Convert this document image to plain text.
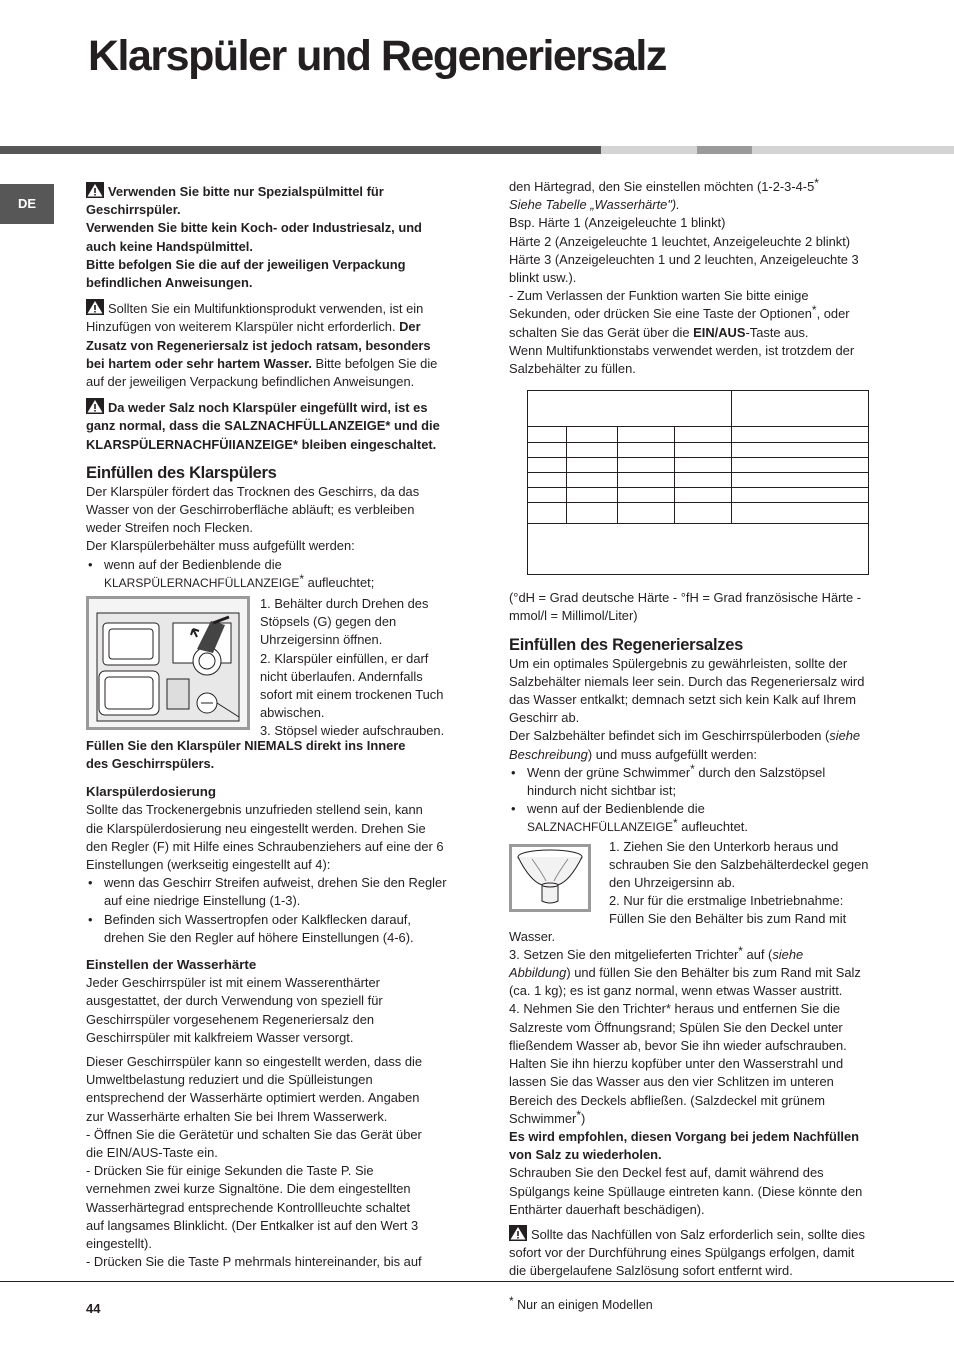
Klarspüler und Regeneriersalz
DE

Verwenden Sie bitte nur Spezialspülmittel für

Geschirrspüler.

Verwenden Sie bitte kein Koch- oder Industriesalz, und

auch keine Handspülmittel.

Bitte befolgen Sie die auf der jeweiligen Verpackung

befindlichen Anweisungen.

Sollten Sie ein Multifunktionsprodukt verwenden, ist ein

Hinzufügen von weiterem Klarspüler nicht erforderlich. Der

Zusatz von Regeneriersalz ist jedoch ratsam, besonders

bei hartem oder sehr hartem Wasser. Bitte befolgen Sie die

auf der jeweiligen Verpackung befindlichen Anweisungen.

Da weder Salz noch Klarspüler eingefüllt wird, ist es

ganz normal, dass die SALZNACHFÜLLANZEIGE* und die

KLARSPÜLERNACHFÜIIANZEIGE* bleiben eingeschaltet.

Einfüllen des Klarspülers

Der Klarspüler fördert das Trocknen des Geschirrs, da das

Wasser von der Geschirroberfläche abläuft; es verbleiben

weder Streifen noch Flecken.

Der Klarspülerbehälter muss aufgefüllt werden:

• wenn auf der Bedienblende die
KLARSPÜLERNACHFÜLLANZEIGE* aufleuchtet;

1. Behälter durch Drehen des

Stöpsels (G) gegen den

Uhrzeigersinn öffnen.

2. Klarspüler einfüllen, er darf

nicht überlaufen. Andernfalls

sofort mit einem trockenen Tuch

abwischen.

3. Stöpsel wieder aufschrauben.

Füllen Sie den Klarspüler NIEMALS direkt ins Innere

des Geschirrspülers.

Klarspülerdosierung

Sollte das Trockenergebnis unzufrieden stellend sein, kann

die Klarspülerdosierung neu eingestellt werden. Drehen Sie

den Regler (F) mit Hilfe eines Schraubenziehers auf eine der 6

Einstellungen (werkseitig eingestellt auf 4):

• wenn das Geschirr Streifen aufweist, drehen Sie den Regler
auf eine niedrige Einstellung (1-3).
• Befinden sich Wassertropfen oder Kalkflecken darauf,
drehen Sie den Regler auf höhere Einstellungen (4-6).
Einstellen der Wasserhärte

Jeder Geschirrspüler ist mit einem Wasserenthärter

ausgestattet, der durch Verwendung von speziell für

Geschirrspüler vorgesehenem Regeneriersalz den

Geschirrspüler mit kalkfreiem Wasser versorgt.

Dieser Geschirrspüler kann so eingestellt werden, dass die

Umweltbelastung reduziert und die Spülleistungen

entsprechend der Wasserhärte optimiert werden. Angaben

zur Wasserhärte erhalten Sie bei Ihrem Wasserwerk.

- Öffnen Sie die Gerätetür und schalten Sie das Gerät über

die EIN/AUS-Taste ein.

- Drücken Sie für einige Sekunden die Taste P. Sie

vernehmen zwei kurze Signaltöne. Die dem eingestellten

Wasserhärtegrad entsprechende Kontrollleuchte schaltet

auf langsames Blinklicht. (Der Entkalker ist auf den Wert 3

eingestellt).

- Drücken Sie die Taste P mehrmals hintereinander, bis auf

den Härtegrad, den Sie einstellen möchten (1-2-3-4-5*

Siehe Tabelle „Wasserhärte").

Bsp. Härte 1 (Anzeigeleuchte 1 blinkt)

Härte 2 (Anzeigeleuchte 1 leuchtet, Anzeigeleuchte 2 blinkt)

Härte 3 (Anzeigeleuchten 1 und 2 leuchten, Anzeigeleuchte 3

blinkt usw.).

- Zum Verlassen der Funktion warten Sie bitte einige

Sekunden, oder drücken Sie eine Taste der Optionen*, oder

schalten Sie das Gerät über die EIN/AUS-Taste aus.

Wenn Multifunktionstabs verwendet werden, ist trotzdem der

Salzbehälter zu füllen.

(°dH = Grad deutsche Härte - °fH = Grad französische Härte -

mmol/l = Millimol/Liter)

Einfüllen des Regeneriersalzes

Um ein optimales Spülergebnis zu gewährleisten, sollte der

Salzbehälter niemals leer sein. Durch das Regeneriersalz wird

das Wasser entkalkt; demnach setzt sich kein Kalk auf Ihrem

Geschirr ab.

Der Salzbehälter befindet sich im Geschirrspülerboden (siehe

Beschreibung) und muss aufgefüllt werden:

• Wenn der grüne Schwimmer* durch den Salzstöpsel
hindurch nicht sichtbar ist;
• wenn auf der Bedienblende die
SALZNACHFÜLLANZEIGE* aufleuchtet.

1. Ziehen Sie den Unterkorb heraus und

schrauben Sie den Salzbehälterdeckel gegen

den Uhrzeigersinn ab.

2. Nur für die erstmalige Inbetriebnahme:

Füllen Sie den Behälter bis zum Rand mit

Wasser.

3. Setzen Sie den mitgelieferten Trichter* auf (siehe

Abbildung) und füllen Sie den Behälter bis zum Rand mit Salz

(ca. 1 kg); es ist ganz normal, wenn etwas Wasser austritt.

4. Nehmen Sie den Trichter* heraus und entfernen Sie die

Salzreste vom Öffnungsrand; Spülen Sie den Deckel unter

fließendem Wasser ab, bevor Sie ihn wieder aufschrauben.

Halten Sie ihn hierzu kopfüber unter den Wasserstrahl und

lassen Sie das Wasser aus den vier Schlitzen im unteren

Bereich des Deckels abfließen. (Salzdeckel mit grünem

Schwimmer*)

Es wird empfohlen, diesen Vorgang bei jedem Nachfüllen

von Salz zu wiederholen.

Schrauben Sie den Deckel fest auf, damit während des

Spülgangs keine Spüllauge eintreten kann. (Diese könnte den

Enthärter dauerhaft beschädigen).

Sollte das Nachfüllen von Salz erforderlich sein, sollte dies

sofort vor der Durchführung eines Spülgangs erfolgen, damit

die übergelaufene Salzlösung sofort entfernt wird.

44	* Nur an einigen Modellen
